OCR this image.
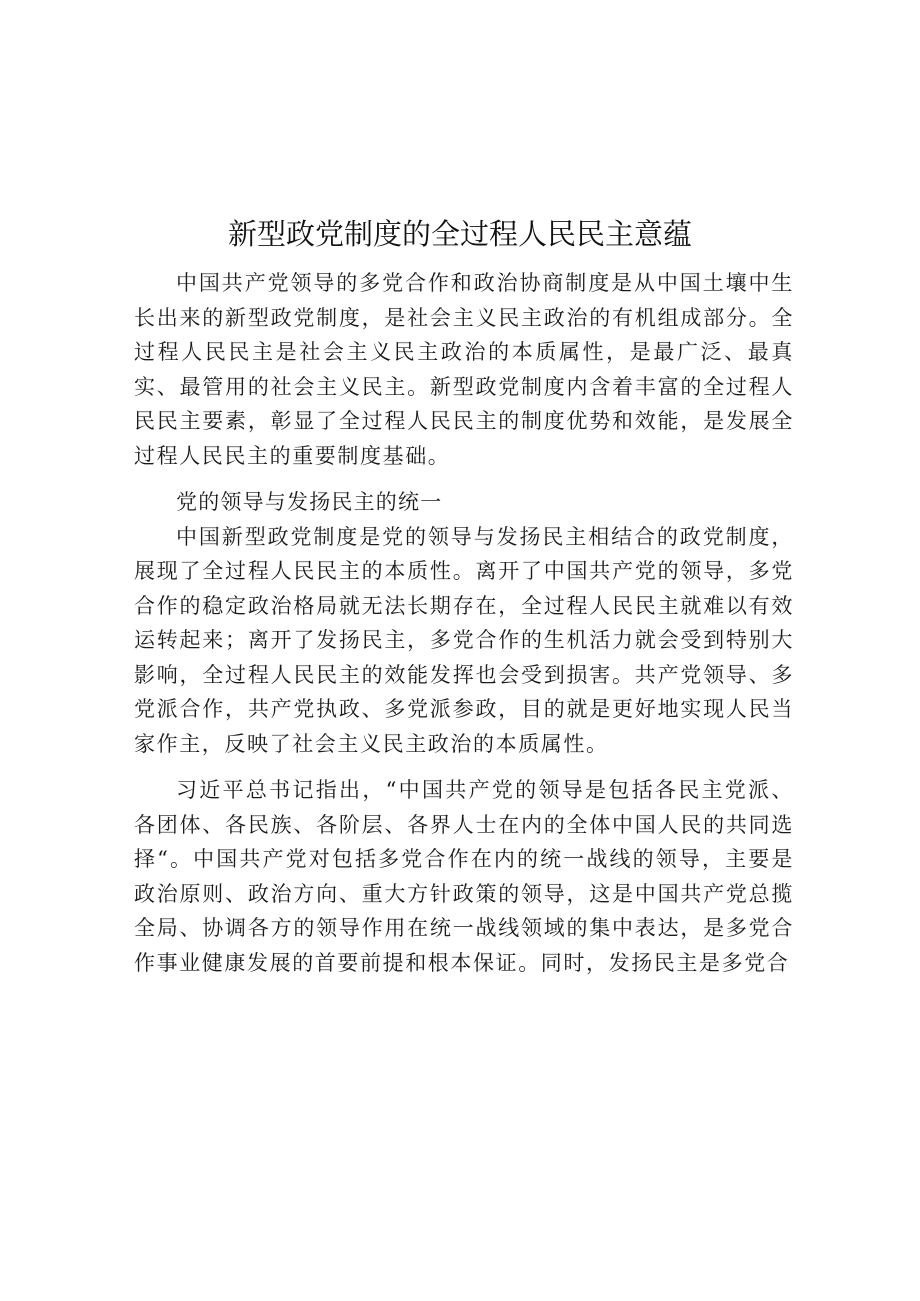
新型政党制度的全过程人民民主意蕴

中国共产党领导的多党合作和政治协商制度是从中国土壤中生长出来的新型政党制度，是社会主义民主政治的有机组成部分。全过程人民民主是社会主义民主政治的本质属性，是最广泛、最真实、最管用的社会主义民主。新型政党制度内含着丰富的全过程人民民主要素，彰显了全过程人民民主的制度优势和效能，是发展全过程人民民主的重要制度基础。

党的领导与发扬民主的统一

中国新型政党制度是党的领导与发扬民主相结合的政党制度，展现了全过程人民民主的本质性。离开了中国共产党的领导，多党合作的稳定政治格局就无法长期存在，全过程人民民主就难以有效运转起来；离开了发扬民主，多党合作的生机活力就会受到特别大影响，全过程人民民主的效能发挥也会受到损害。共产党领导、多党派合作，共产党执政、多党派参政，目的就是更好地实现人民当家作主，反映了社会主义民主政治的本质属性。

习近平总书记指出，“中国共产党的领导是包括各民主党派、各团体、各民族、各阶层、各界人士在内的全体中国人民的共同选择“。中国共产党对包括多党合作在内的统一战线的领导，主要是政治原则、政治方向、重大方针政策的领导，这是中国共产党总揽全局、协调各方的领导作用在统一战线领域的集中表达，是多党合作事业健康发展的首要前提和根本保证。同时，发扬民主是多党合
